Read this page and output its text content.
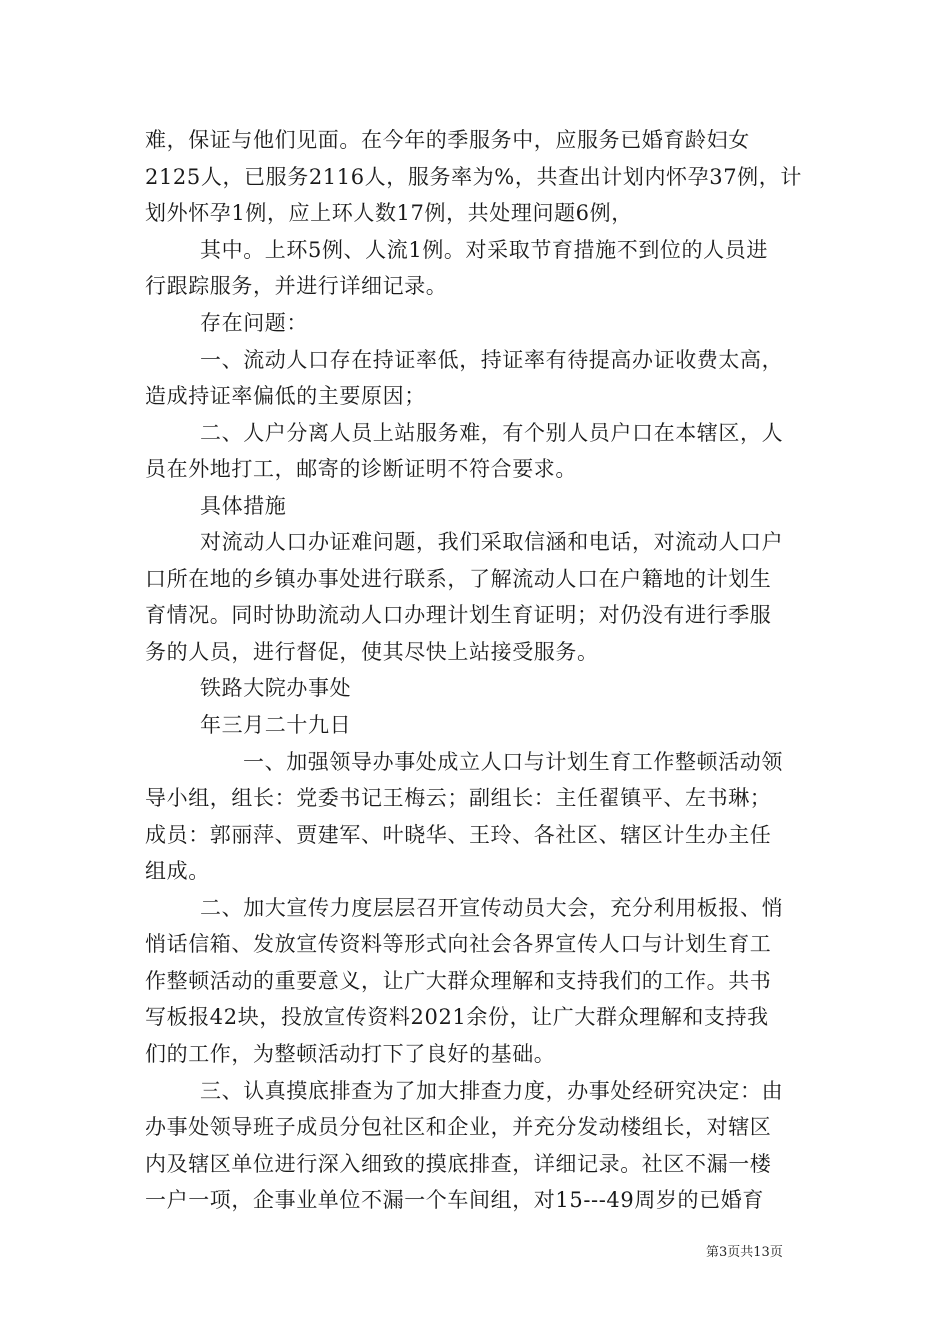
难，保证与他们见面。在今年的季服务中，应服务已婚育龄妇女
2125人，已服务2116人，服务率为%，共查出计划内怀孕37例，计
划外怀孕1例，应上环人数17例，共处理问题6例，
其中。上环5例、人流1例。对采取节育措施不到位的人员进
行跟踪服务，并进行详细记录。
存在问题：
一、流动人口存在持证率低，持证率有待提高办证收费太高，
造成持证率偏低的主要原因；
二、人户分离人员上站服务难，有个别人员户口在本辖区，人
员在外地打工，邮寄的诊断证明不符合要求。
具体措施
对流动人口办证难问题，我们采取信涵和电话，对流动人口户
口所在地的乡镇办事处进行联系，了解流动人口在户籍地的计划生
育情况。同时协助流动人口办理计划生育证明；对仍没有进行季服
务的人员，进行督促，使其尽快上站接受服务。
铁路大院办事处
年三月二十九日
一、加强领导办事处成立人口与计划生育工作整顿活动领
导小组，组长：党委书记王梅云；副组长：主任翟镇平、左书琳；
成员：郭丽萍、贾建军、叶晓华、王玲、各社区、辖区计生办主任
组成。
二、加大宣传力度层层召开宣传动员大会，充分利用板报、悄
悄话信箱、发放宣传资料等形式向社会各界宣传人口与计划生育工
作整顿活动的重要意义，让广大群众理解和支持我们的工作。共书
写板报42块，投放宣传资料2021余份，让广大群众理解和支持我
们的工作，为整顿活动打下了良好的基础。
三、认真摸底排查为了加大排查力度，办事处经研究决定：由
办事处领导班子成员分包社区和企业，并充分发动楼组长，对辖区
内及辖区单位进行深入细致的摸底排查，详细记录。社区不漏一楼
一户一项，企事业单位不漏一个车间组，对15---49周岁的已婚育
第3页共13页
